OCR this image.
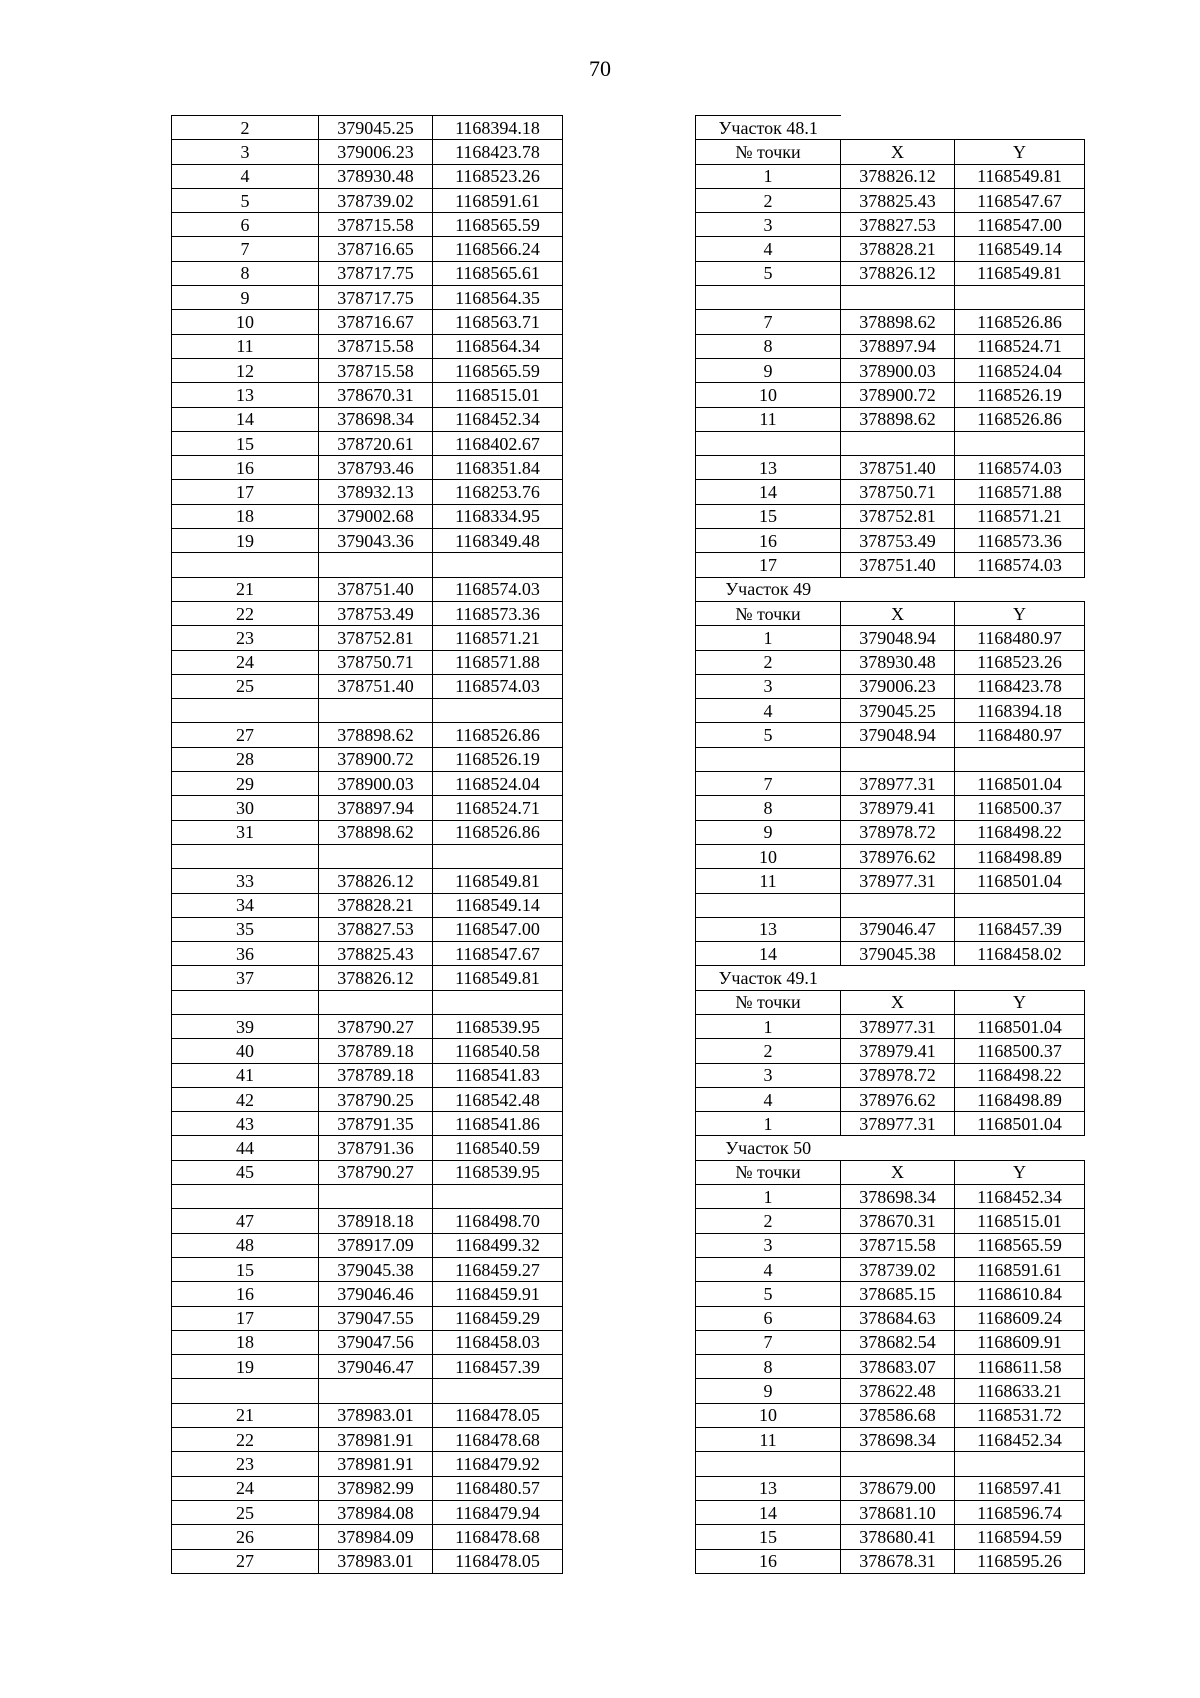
70
2	379045.25	1168394.18
3	379006.23	1168423.78
4	378930.48	1168523.26
5	378739.02	1168591.61
6	378715.58	1168565.59
7	378716.65	1168566.24
8	378717.75	1168565.61
9	378717.75	1168564.35
10	378716.67	1168563.71
11	378715.58	1168564.34
12	378715.58	1168565.59
13	378670.31	1168515.01
14	378698.34	1168452.34
15	378720.61	1168402.67
16	378793.46	1168351.84
17	378932.13	1168253.76
18	379002.68	1168334.95
19	379043.36	1168349.48

21	378751.40	1168574.03
22	378753.49	1168573.36
23	378752.81	1168571.21
24	378750.71	1168571.88
25	378751.40	1168574.03

27	378898.62	1168526.86
28	378900.72	1168526.19
29	378900.03	1168524.04
30	378897.94	1168524.71
31	378898.62	1168526.86

33	378826.12	1168549.81
34	378828.21	1168549.14
35	378827.53	1168547.00
36	378825.43	1168547.67
37	378826.12	1168549.81

39	378790.27	1168539.95
40	378789.18	1168540.58
41	378789.18	1168541.83
42	378790.25	1168542.48
43	378791.35	1168541.86
44	378791.36	1168540.59
45	378790.27	1168539.95

47	378918.18	1168498.70
48	378917.09	1168499.32
15	379045.38	1168459.27
16	379046.46	1168459.91
17	379047.55	1168459.29
18	379047.56	1168458.03
19	379046.47	1168457.39

21	378983.01	1168478.05
22	378981.91	1168478.68
23	378981.91	1168479.92
24	378982.99	1168480.57
25	378984.08	1168479.94
26	378984.09	1168478.68
27	378983.01	1168478.05
Участок 48.1		
№ точки	X	Y
1	378826.12	1168549.81
2	378825.43	1168547.67
3	378827.53	1168547.00
4	378828.21	1168549.14
5	378826.12	1168549.81

7	378898.62	1168526.86
8	378897.94	1168524.71
9	378900.03	1168524.04
10	378900.72	1168526.19
11	378898.62	1168526.86

13	378751.40	1168574.03
14	378750.71	1168571.88
15	378752.81	1168571.21
16	378753.49	1168573.36
17	378751.40	1168574.03
Участок 49		
№ точки	X	Y
1	379048.94	1168480.97
2	378930.48	1168523.26
3	379006.23	1168423.78
4	379045.25	1168394.18
5	379048.94	1168480.97

7	378977.31	1168501.04
8	378979.41	1168500.37
9	378978.72	1168498.22
10	378976.62	1168498.89
11	378977.31	1168501.04

13	379046.47	1168457.39
14	379045.38	1168458.02
Участок 49.1		
№ точки	X	Y
1	378977.31	1168501.04
2	378979.41	1168500.37
3	378978.72	1168498.22
4	378976.62	1168498.89
1	378977.31	1168501.04
Участок 50		
№ точки	X	Y
1	378698.34	1168452.34
2	378670.31	1168515.01
3	378715.58	1168565.59
4	378739.02	1168591.61
5	378685.15	1168610.84
6	378684.63	1168609.24
7	378682.54	1168609.91
8	378683.07	1168611.58
9	378622.48	1168633.21
10	378586.68	1168531.72
11	378698.34	1168452.34

13	378679.00	1168597.41
14	378681.10	1168596.74
15	378680.41	1168594.59
16	378678.31	1168595.26
